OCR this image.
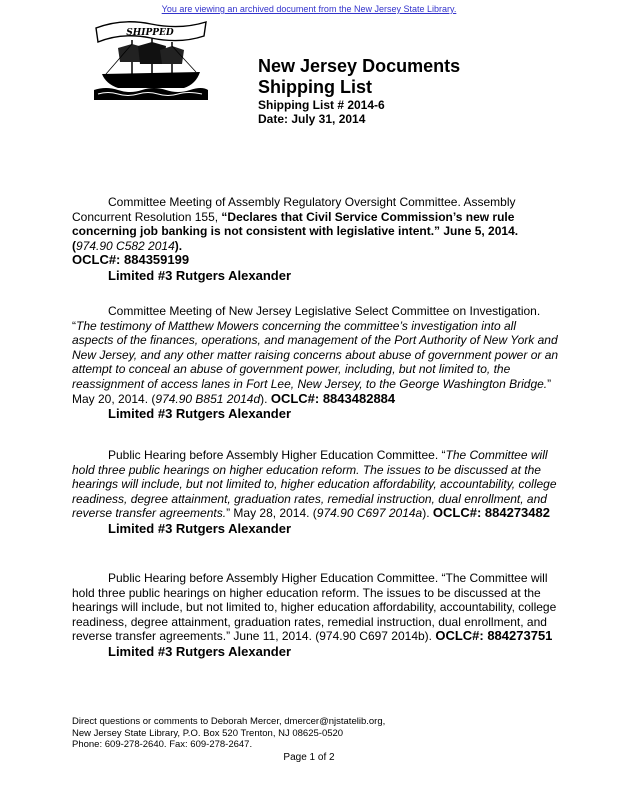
You are viewing an archived document from the New Jersey State Library.
SHIPPED
New Jersey Documents
Shipping List
Shipping List # 2014-6
Date: July 31, 2014

Committee Meeting of Assembly Regulatory Oversight Committee. Assembly Concurrent Resolution 155, “Declares that Civil Service Commission’s new rule concerning job banking is not consistent with legislative intent.” June 5, 2014. (974.90 C582 2014).

OCLC#: 884359199
Limited #3 Rutgers Alexander

Committee Meeting of New Jersey Legislative Select Committee on Investigation. “The testimony of Matthew Mowers concerning the committee’s investigation into all aspects of the finances, operations, and management of the Port Authority of New York and New Jersey, and any other matter raising concerns about abuse of government power or an attempt to conceal an abuse of government power, including, but not limited to, the reassignment of access lanes in Fort Lee, New Jersey, to the George Washington Bridge.” May 20, 2014. (974.90 B851 2014d). OCLC#: 8843482884

Limited #3 Rutgers Alexander

Public Hearing before Assembly Higher Education Committee. “The Committee will hold three public hearings on higher education reform. The issues to be discussed at the hearings will include, but not limited to, higher education affordability, accountability, college readiness, degree attainment, graduation rates, remedial instruction, dual enrollment, and reverse transfer agreements.” May 28, 2014. (974.90 C697 2014a). OCLC#: 884273482

Limited #3 Rutgers Alexander

Public Hearing before Assembly Higher Education Committee. “The Committee will hold three public hearings on higher education reform. The issues to be discussed at the hearings will include, but not limited to, higher education affordability, accountability, college readiness, degree attainment, graduation rates, remedial instruction, dual enrollment, and reverse transfer agreements.” June 11, 2014. (974.90 C697 2014b). OCLC#: 884273751

Limited #3 Rutgers Alexander
Direct questions or comments to Deborah Mercer, dmercer@njstatelib.org,
New Jersey State Library, P.O. Box 520 Trenton, NJ 08625-0520
Phone: 609-278-2640. Fax: 609-278-2647.
Page 1 of 2
